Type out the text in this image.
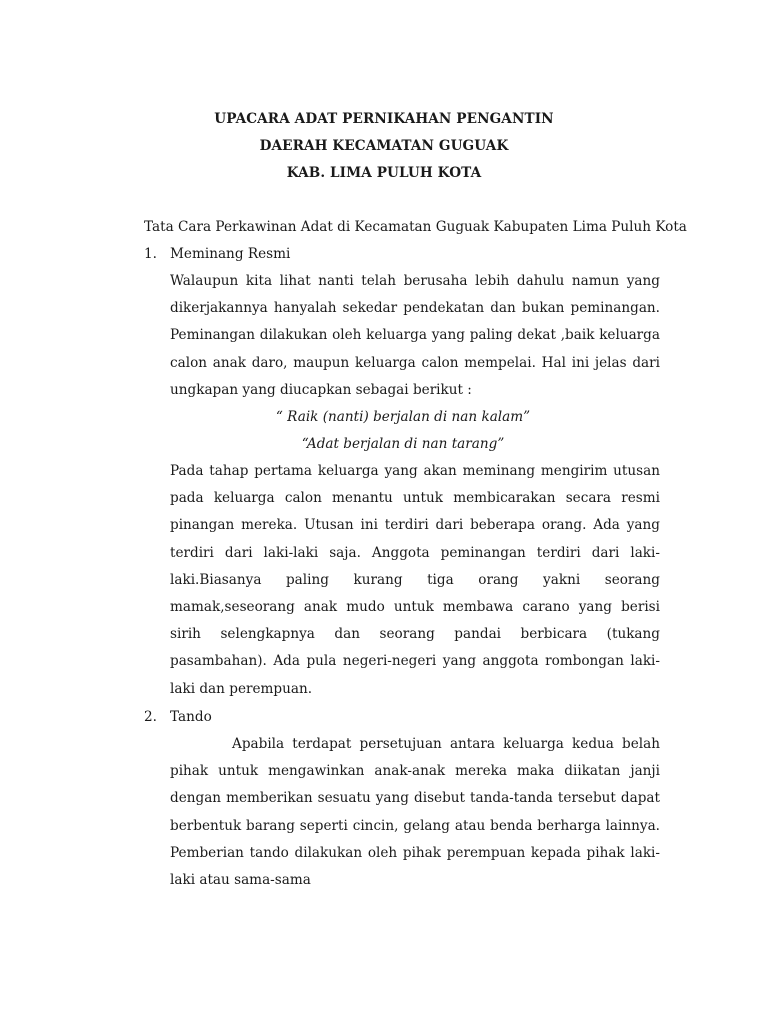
UPACARA ADAT PERNIKAHAN PENGANTIN
DAERAH KECAMATAN GUGUAK
KAB. LIMA PULUH KOTA
Tata Cara Perkawinan Adat di Kecamatan Guguak Kabupaten Lima Puluh Kota
1. Meminang Resmi

Walaupun kita lihat nanti telah berusaha lebih dahulu namun yang dikerjakannya hanyalah sekedar pendekatan dan bukan peminangan. Peminangan dilakukan oleh keluarga yang paling dekat ,baik keluarga calon anak daro, maupun keluarga calon mempelai. Hal ini jelas dari ungkapan yang diucapkan sebagai berikut :

“ Raik (nanti) berjalan di nan kalam”
“Adat berjalan di nan tarang”

Pada tahap pertama keluarga yang akan meminang mengirim utusan pada keluarga calon menantu untuk membicarakan secara resmi pinangan mereka. Utusan ini terdiri dari beberapa orang. Ada yang terdiri dari laki-laki saja. Anggota peminangan terdiri dari laki-laki.Biasanya paling kurang tiga orang yakni seorang mamak,seseorang anak mudo untuk membawa carano yang berisi sirih selengkapnya dan seorang pandai berbicara (tukang pasambahan). Ada pula negeri-negeri yang anggota rombongan laki-laki dan perempuan.

2. Tando

Apabila terdapat persetujuan antara keluarga kedua belah pihak untuk mengawinkan anak-anak mereka maka diikatan janji dengan memberikan sesuatu yang disebut tanda-tanda tersebut dapat berbentuk barang seperti cincin, gelang atau benda berharga lainnya. Pemberian tando dilakukan oleh pihak perempuan kepada pihak laki-laki atau sama-sama
